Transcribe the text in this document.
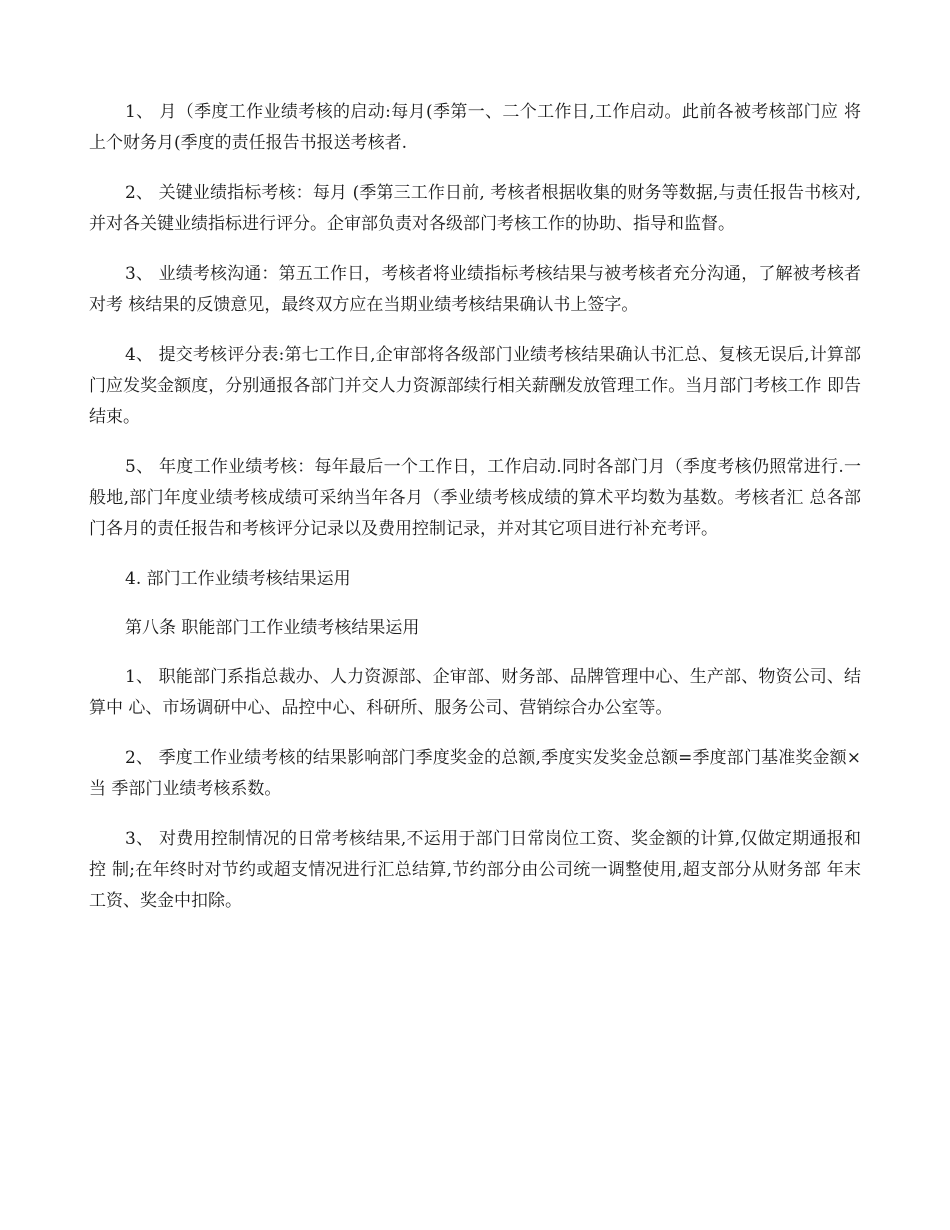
1、 月（季度工作业绩考核的启动:每月(季第一、二个工作日,工作启动。此前各被考核部门应 将上个财务月(季度的责任报告书报送考核者.

2、 关键业绩指标考核：每月 (季第三工作日前, 考核者根据收集的财务等数据,与责任报告书核对, 并对各关键业绩指标进行评分。企审部负责对各级部门考核工作的协助、指导和监督。

3、 业绩考核沟通：第五工作日，考核者将业绩指标考核结果与被考核者充分沟通，了解被考核者对考 核结果的反馈意见，最终双方应在当期业绩考核结果确认书上签字。

4、 提交考核评分表:第七工作日,企审部将各级部门业绩考核结果确认书汇总、复核无误后,计算部 门应发奖金额度，分别通报各部门并交人力资源部续行相关薪酬发放管理工作。当月部门考核工作 即告结束。

5、 年度工作业绩考核：每年最后一个工作日，工作启动.同时各部门月（季度考核仍照常进行.一 般地,部门年度业绩考核成绩可采纳当年各月（季业绩考核成绩的算术平均数为基数。考核者汇 总各部门各月的责任报告和考核评分记录以及费用控制记录，并对其它项目进行补充考评。

4. 部门工作业绩考核结果运用

第八条 职能部门工作业绩考核结果运用

1、 职能部门系指总裁办、人力资源部、企审部、财务部、品牌管理中心、生产部、物资公司、结算中 心、市场调研中心、品控中心、科研所、服务公司、营销综合办公室等。

2、 季度工作业绩考核的结果影响部门季度奖金的总额,季度实发奖金总额=季度部门基准奖金额×当 季部门业绩考核系数。

3、 对费用控制情况的日常考核结果,不运用于部门日常岗位工资、奖金额的计算,仅做定期通报和控 制;在年终时对节约或超支情况进行汇总结算,节约部分由公司统一调整使用,超支部分从财务部 年末工资、奖金中扣除。
